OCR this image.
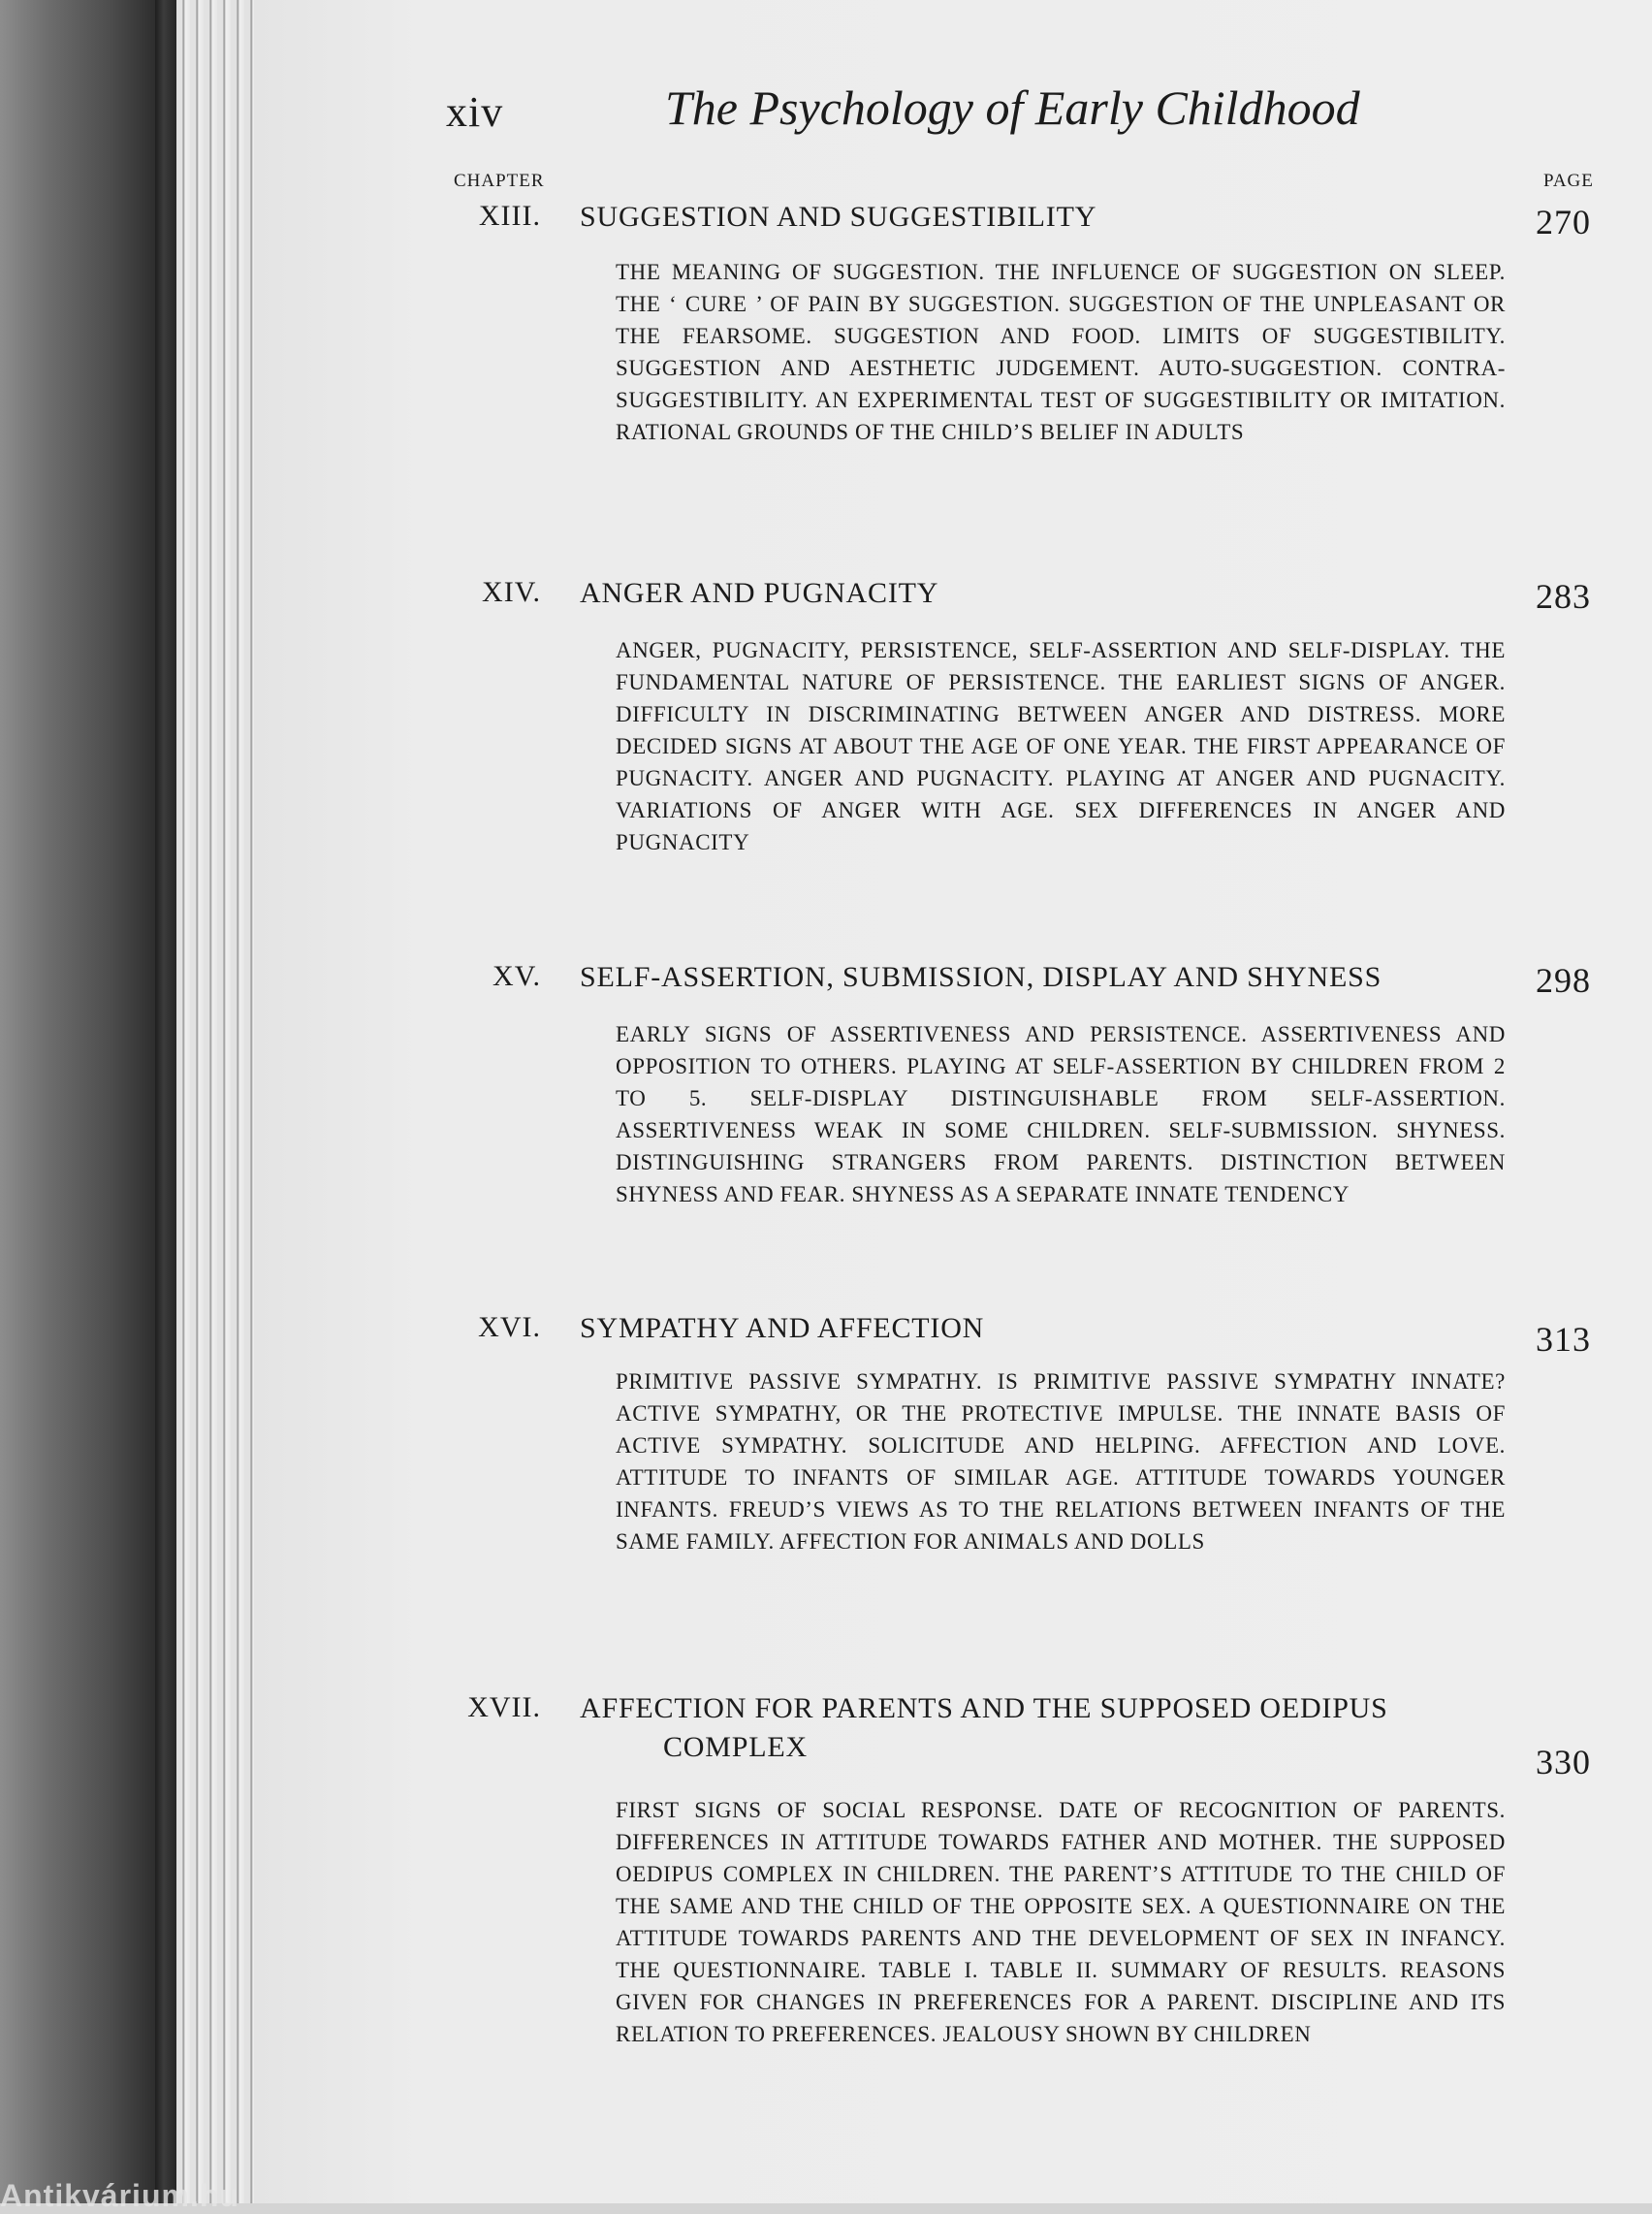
Antikvárium.hu
xiv	The Psychology of Early Childhood
CHAPTER	PAGE
XIII. SUGGESTION AND SUGGESTIBILITY	270

THE MEANING OF SUGGESTION. THE INFLUENCE OF SUGGESTION ON SLEEP. THE ‘ CURE ’ OF PAIN BY SUGGESTION. SUGGESTION OF THE UNPLEASANT OR THE FEARSOME. SUGGESTION AND FOOD. LIMITS OF SUGGESTIBILITY. SUGGESTION AND AESTHETIC JUDGEMENT. AUTO-SUGGESTION. CONTRA-SUGGESTIBILITY. AN EXPERIMENTAL TEST OF SUGGESTIBILITY OR IMITATION. RATIONAL GROUNDS OF THE CHILD’S BELIEF IN ADULTS

XIV. ANGER AND PUGNACITY	283

ANGER, PUGNACITY, PERSISTENCE, SELF-ASSERTION AND SELF-DISPLAY. THE FUNDAMENTAL NATURE OF PERSISTENCE. THE EARLIEST SIGNS OF ANGER. DIFFICULTY IN DISCRIMINATING BETWEEN ANGER AND DISTRESS. MORE DECIDED SIGNS AT ABOUT THE AGE OF ONE YEAR. THE FIRST APPEARANCE OF PUGNACITY. ANGER AND PUGNACITY. PLAYING AT ANGER AND PUGNACITY. VARIATIONS OF ANGER WITH AGE. SEX DIFFERENCES IN ANGER AND PUGNACITY

XV. SELF-ASSERTION, SUBMISSION, DISPLAY AND SHYNESS	298

EARLY SIGNS OF ASSERTIVENESS AND PERSISTENCE. ASSERTIVENESS AND OPPOSITION TO OTHERS. PLAYING AT SELF-ASSERTION BY CHILDREN FROM 2 TO 5. SELF-DISPLAY DISTINGUISHABLE FROM SELF-ASSERTION. ASSERTIVENESS WEAK IN SOME CHILDREN. SELF-SUBMISSION. SHYNESS. DISTINGUISHING STRANGERS FROM PARENTS. DISTINCTION BETWEEN SHYNESS AND FEAR. SHYNESS AS A SEPARATE INNATE TENDENCY

XVI. SYMPATHY AND AFFECTION	313

PRIMITIVE PASSIVE SYMPATHY. IS PRIMITIVE PASSIVE SYMPATHY INNATE? ACTIVE SYMPATHY, OR THE PROTECTIVE IMPULSE. THE INNATE BASIS OF ACTIVE SYMPATHY. SOLICITUDE AND HELPING. AFFECTION AND LOVE. ATTITUDE TO INFANTS OF SIMILAR AGE. ATTITUDE TOWARDS YOUNGER INFANTS. FREUD’S VIEWS AS TO THE RELATIONS BETWEEN INFANTS OF THE SAME FAMILY. AFFECTION FOR ANIMALS AND DOLLS

XVII. AFFECTION FOR PARENTS AND THE SUPPOSED OEDIPUS
COMPLEX	330

FIRST SIGNS OF SOCIAL RESPONSE. DATE OF RECOGNITION OF PARENTS. DIFFERENCES IN ATTITUDE TOWARDS FATHER AND MOTHER. THE SUPPOSED OEDIPUS COMPLEX IN CHILDREN. THE PARENT’S ATTITUDE TO THE CHILD OF THE SAME AND THE CHILD OF THE OPPOSITE SEX. A QUESTIONNAIRE ON THE ATTITUDE TOWARDS PARENTS AND THE DEVELOPMENT OF SEX IN INFANCY. THE QUESTIONNAIRE. TABLE I. TABLE II. SUMMARY OF RESULTS. REASONS GIVEN FOR CHANGES IN PREFERENCES FOR A PARENT. DISCIPLINE AND ITS RELATION TO PREFERENCES. JEALOUSY SHOWN BY CHILDREN
